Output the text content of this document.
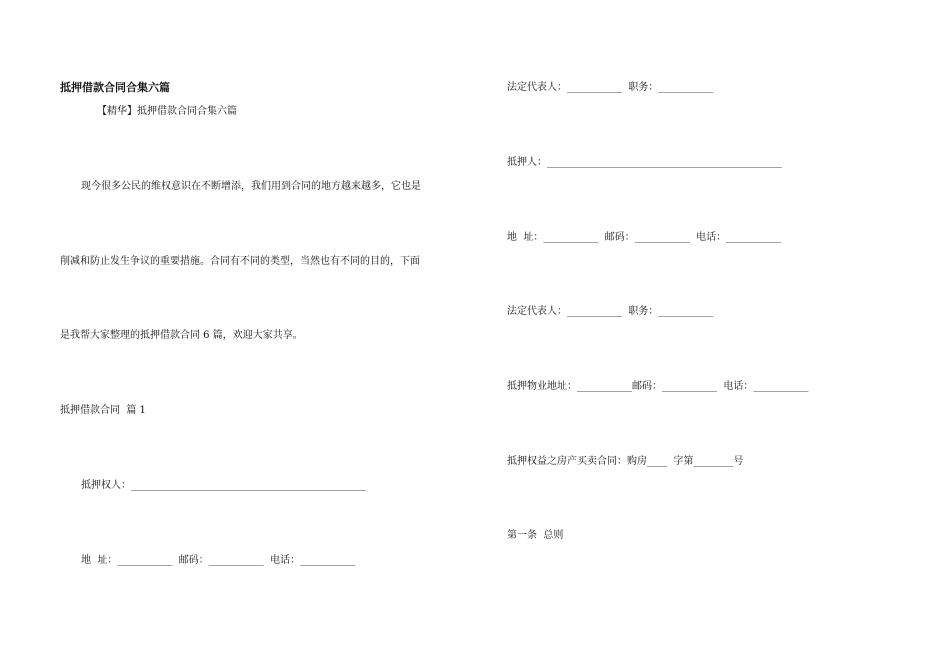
抵押借款合同合集六篇
【精华】抵押借款合同合集六篇
现今很多公民的维权意识在不断增添，我们用到合同的地方越来越多，它也是
削减和防止发生争议的重要措施。合同有不同的类型，当然也有不同的目的，下面
是我帮大家整理的抵押借款合同 6 篇，欢迎大家共享。
抵押借款合同  篇 1
抵押权人：_______________________________________________
地  址：___________  邮码：___________  电话：___________
法定代表人：___________  职务：___________
抵押人：_______________________________________________
地  址：___________  邮码：___________  电话：___________
法定代表人：___________  职务：___________
抵押物业地址：___________邮码：___________  电话：___________
抵押权益之房产买卖合同：购房____  字第________号
第一条  总则
